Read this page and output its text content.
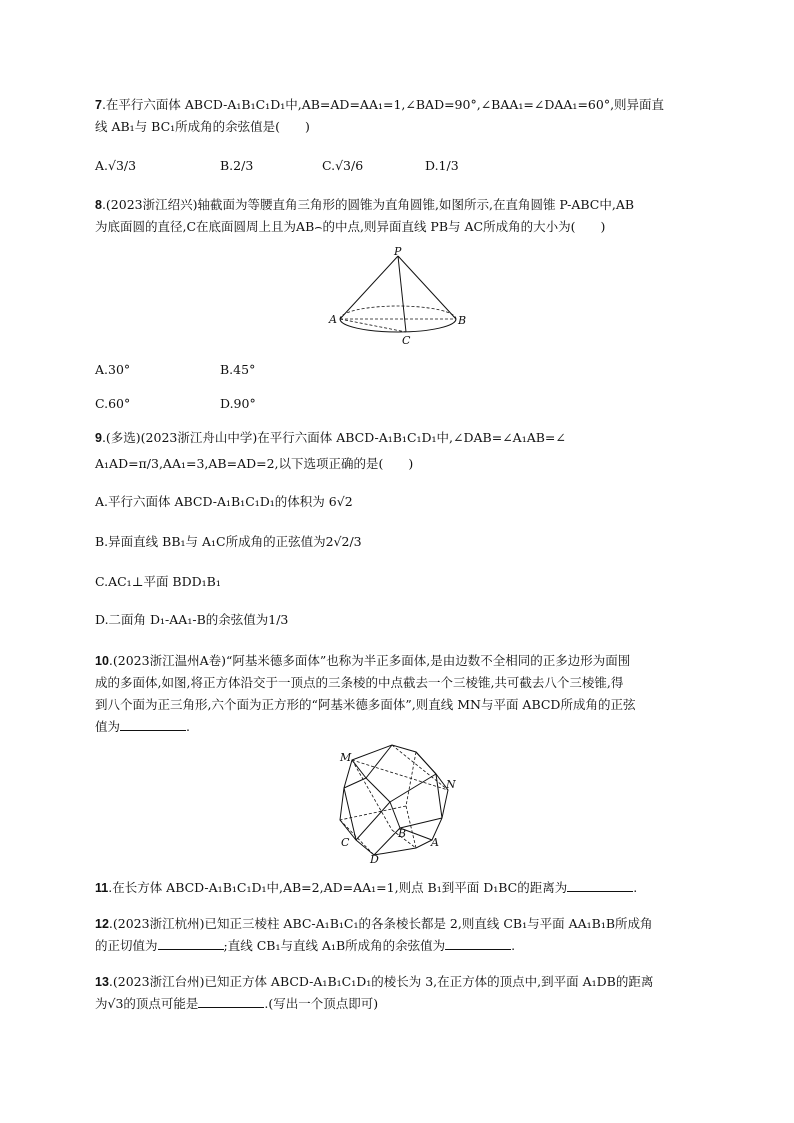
7.在平行六面体 ABCD-A₁B₁C₁D₁中,AB=AD=AA₁=1,∠BAD=90°,∠BAA₁=∠DAA₁=60°,则异面直
线 AB₁与 BC₁所成角的余弦值是(　　)
A.√3/3	B.2/3	C.√3/6	D.1/3
8.(2023浙江绍兴)轴截面为等腰直角三角形的圆锥为直角圆锥,如图所示,在直角圆锥 P-ABC中,AB
为底面圆的直径,C在底面圆周上且为AB⌢的中点,则异面直线 PB与 AC所成角的大小为(　　)
P
A	B
C
A.30°	B.45°
C.60°	D.90°
9.(多选)(2023浙江舟山中学)在平行六面体 ABCD-A₁B₁C₁D₁中,∠DAB=∠A₁AB=∠
A₁AD=π/3,AA₁=3,AB=AD=2,以下选项正确的是(　　)
A.平行六面体 ABCD-A₁B₁C₁D₁的体积为 6√2
B.异面直线 BB₁与 A₁C所成角的正弦值为2√2/3
C.AC₁⊥平面 BDD₁B₁
D.二面角 D₁-AA₁-B的余弦值为1/3
10.(2023浙江温州A卷)“阿基米德多面体”也称为半正多面体,是由边数不全相同的正多边形为面围
成的多面体,如图,将正方体沿交于一顶点的三条棱的中点截去一个三棱锥,共可截去八个三棱锥,得
到八个面为正三角形,六个面为正方形的“阿基米德多面体”,则直线 MN与平面 ABCD所成角的正弦
值为	.
M
N
B
A
C
D
11.在长方体 ABCD-A₁B₁C₁D₁中,AB=2,AD=AA₁=1,则点 B₁到平面 D₁BC的距离为	.
12.(2023浙江杭州)已知正三棱柱 ABC-A₁B₁C₁的各条棱长都是 2,则直线 CB₁与平面 AA₁B₁B所成角
的正切值为	;直线 CB₁与直线 A₁B所成角的余弦值为	.
13.(2023浙江台州)已知正方体 ABCD-A₁B₁C₁D₁的棱长为 3,在正方体的顶点中,到平面 A₁DB的距离
为√3的顶点可能是	.(写出一个顶点即可)
